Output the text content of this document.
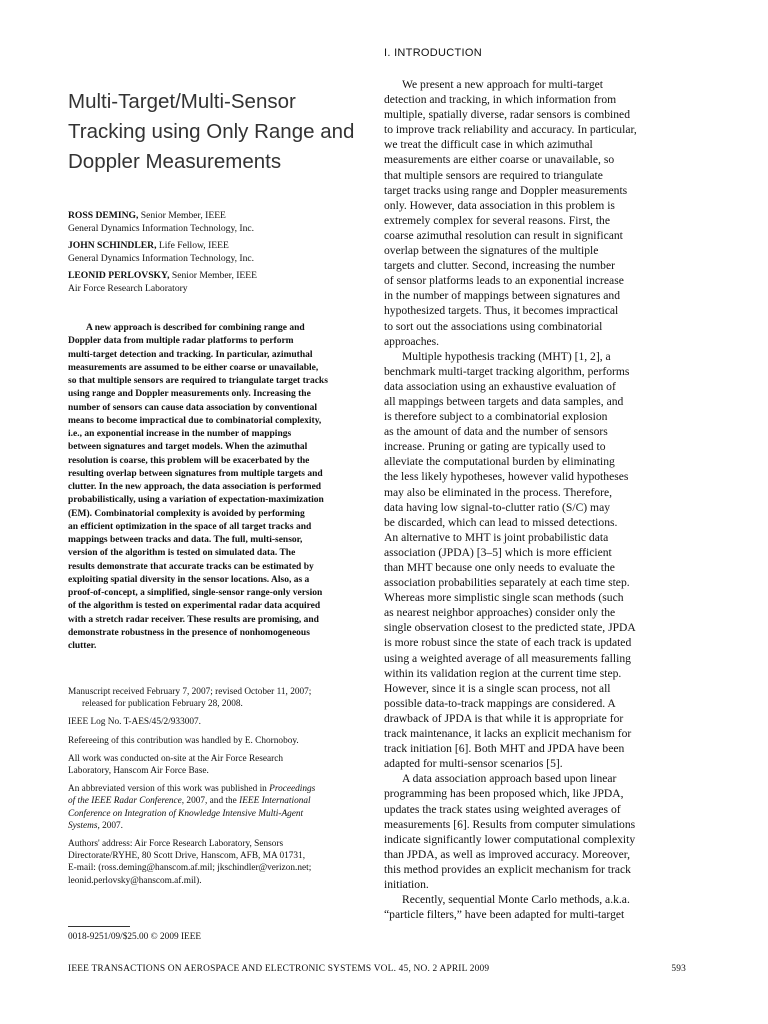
Multi-Target/Multi-Sensor
Tracking using Only Range and
Doppler Measurements
ROSS DEMING, Senior Member, IEEE
General Dynamics Information Technology, Inc.
JOHN SCHINDLER, Life Fellow, IEEE
General Dynamics Information Technology, Inc.
LEONID PERLOVSKY, Senior Member, IEEE
Air Force Research Laboratory
A new approach is described for combining range and
Doppler data from multiple radar platforms to perform
multi-target detection and tracking. In particular, azimuthal
measurements are assumed to be either coarse or unavailable,
so that multiple sensors are required to triangulate target tracks
using range and Doppler measurements only. Increasing the
number of sensors can cause data association by conventional
means to become impractical due to combinatorial complexity,
i.e., an exponential increase in the number of mappings
between signatures and target models. When the azimuthal
resolution is coarse, this problem will be exacerbated by the
resulting overlap between signatures from multiple targets and
clutter. In the new approach, the data association is performed
probabilistically, using a variation of expectation-maximization
(EM). Combinatorial complexity is avoided by performing
an efficient optimization in the space of all target tracks and
mappings between tracks and data. The full, multi-sensor,
version of the algorithm is tested on simulated data. The
results demonstrate that accurate tracks can be estimated by
exploiting spatial diversity in the sensor locations. Also, as a
proof-of-concept, a simplified, single-sensor range-only version
of the algorithm is tested on experimental radar data acquired
with a stretch radar receiver. These results are promising, and
demonstrate robustness in the presence of nonhomogeneous
clutter.
Manuscript received February 7, 2007; revised October 11, 2007;
released for publication February 28, 2008.
IEEE Log No. T-AES/45/2/933007.
Refereeing of this contribution was handled by E. Chornoboy.
All work was conducted on-site at the Air Force Research
Laboratory, Hanscom Air Force Base.
An abbreviated version of this work was published in Proceedings
of the IEEE Radar Conference, 2007, and the IEEE International
Conference on Integration of Knowledge Intensive Multi-Agent
Systems, 2007.
Authors' address: Air Force Research Laboratory, Sensors
Directorate/RYHE, 80 Scott Drive, Hanscom, AFB, MA 01731,
E-mail: (ross.deming@hanscom.af.mil; jkschindler@verizon.net;
leonid.perlovsky@hanscom.af.mil).
0018-9251/09/$25.00 © 2009 IEEE
I. INTRODUCTION
We present a new approach for multi-target
detection and tracking, in which information from
multiple, spatially diverse, radar sensors is combined
to improve track reliability and accuracy. In particular,
we treat the difficult case in which azimuthal
measurements are either coarse or unavailable, so
that multiple sensors are required to triangulate
target tracks using range and Doppler measurements
only. However, data association in this problem is
extremely complex for several reasons. First, the
coarse azimuthal resolution can result in significant
overlap between the signatures of the multiple
targets and clutter. Second, increasing the number
of sensor platforms leads to an exponential increase
in the number of mappings between signatures and
hypothesized targets. Thus, it becomes impractical
to sort out the associations using combinatorial
approaches.
Multiple hypothesis tracking (MHT) [1, 2], a
benchmark multi-target tracking algorithm, performs
data association using an exhaustive evaluation of
all mappings between targets and data samples, and
is therefore subject to a combinatorial explosion
as the amount of data and the number of sensors
increase. Pruning or gating are typically used to
alleviate the computational burden by eliminating
the less likely hypotheses, however valid hypotheses
may also be eliminated in the process. Therefore,
data having low signal-to-clutter ratio (S/C) may
be discarded, which can lead to missed detections.
An alternative to MHT is joint probabilistic data
association (JPDA) [3–5] which is more efficient
than MHT because one only needs to evaluate the
association probabilities separately at each time step.
Whereas more simplistic single scan methods (such
as nearest neighbor approaches) consider only the
single observation closest to the predicted state, JPDA
is more robust since the state of each track is updated
using a weighted average of all measurements falling
within its validation region at the current time step.
However, since it is a single scan process, not all
possible data-to-track mappings are considered. A
drawback of JPDA is that while it is appropriate for
track maintenance, it lacks an explicit mechanism for
track initiation [6]. Both MHT and JPDA have been
adapted for multi-sensor scenarios [5].
A data association approach based upon linear
programming has been proposed which, like JPDA,
updates the track states using weighted averages of
measurements [6]. Results from computer simulations
indicate significantly lower computational complexity
than JPDA, as well as improved accuracy. Moreover,
this method provides an explicit mechanism for track
initiation.
Recently, sequential Monte Carlo methods, a.k.a.
“particle filters,” have been adapted for multi-target
IEEE TRANSACTIONS ON AEROSPACE AND ELECTRONIC SYSTEMS VOL. 45, NO. 2 APRIL 2009	593
